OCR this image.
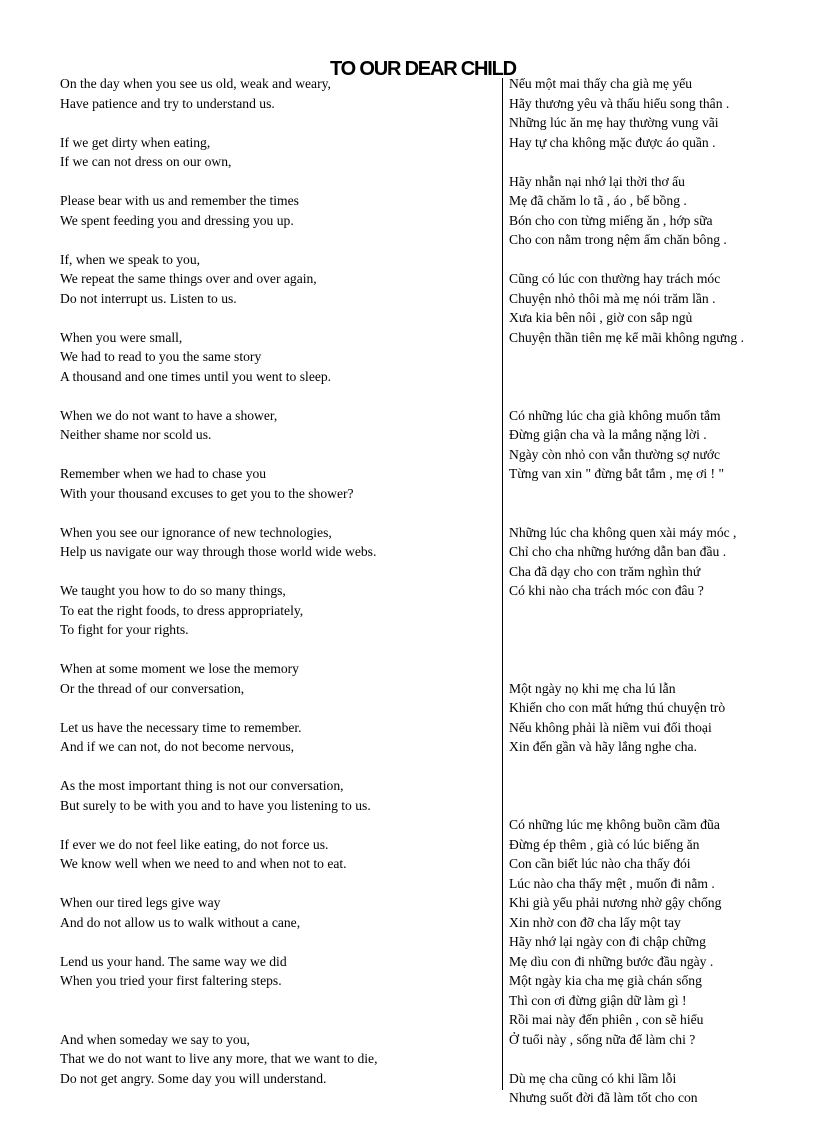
TO OUR DEAR CHILD
On the day when you see us old, weak and weary,
Have patience and try to understand us.
If we get dirty when eating,
If we can not dress on our own,
Please bear with us and remember the times
We spent feeding you and dressing you up.
If, when we speak to you,
We repeat the same things over and over again,
Do not interrupt us. Listen to us.
When you were small,
We had to read to you the same story
A thousand and one times until you went to sleep.
When we do not want to have a shower,
Neither shame nor scold us.
Remember when we had to chase you
With your thousand excuses to get you to the shower?
When you see our ignorance of new technologies,
Help us navigate our way through those world wide webs.
We taught you how to do so many things,
To eat the right foods, to dress appropriately,
To fight for your rights.
When at some moment we lose the memory
Or the thread of our conversation,
Let us have the necessary time to remember.
And if we can not, do not become nervous,
As the most important thing is not our conversation,
But surely to be with you and to have you listening to us.
If ever we do not feel like eating, do not force us.
We know well when we need to and when not to eat.
When our tired legs give way
And do not allow us to walk without a cane,
Lend us your hand. The same way we did
When you tried your first faltering steps.
And when someday we say to you,
That we do not want to live any more, that we want to die,
Do not get angry. Some day you will understand.
Nếu một mai thấy cha già mẹ yếu
Hãy thương yêu và thấu hiểu song thân .
Những lúc ăn mẹ hay thường vung vãi
Hay tự cha không mặc được áo quần .
Hãy nhẫn nại nhớ lại thời thơ ấu
Mẹ đã chăm lo tã , áo , bế bồng .
Bón cho con từng miếng ăn , hớp sữa
Cho con nằm trong nệm ấm chăn bông .
Cũng có lúc con thường hay trách móc
Chuyện nhỏ thôi mà mẹ nói trăm lần .
Xưa kia bên nôi , giờ con sắp ngủ
Chuyện thần tiên mẹ kể mãi không ngưng .
Có những lúc cha già không muốn tắm
Đừng giận cha và la mắng nặng lời .
Ngày còn nhỏ con vẫn thường sợ nước
Từng van xin " đừng bắt tắm , mẹ ơi ! "
Những lúc cha không quen xài máy móc ,
Chỉ cho cha những hướng dẫn ban đầu .
Cha đã dạy cho con trăm nghìn thứ
Có khi nào cha trách móc con đâu ?
Một ngày nọ khi mẹ cha lú lẫn
Khiến cho con mất hứng thú chuyện trò
Nếu không phải là niềm vui đối thoại
Xin đến gần và hãy lắng nghe cha.
Có những lúc mẹ không buồn cầm đũa
Đừng ép thêm , già có lúc biếng ăn
Con cần biết lúc nào cha thấy đói
Lúc nào cha thấy mệt , muốn đi nằm .
Khi già yếu phải nương nhờ gậy chống
Xin nhờ con đỡ cha lấy một tay
Hãy nhớ lại ngày con đi chập chững
Mẹ dìu con đi những bước đầu ngày .
Một ngày kia cha mẹ già chán sống
Thì con ơi đừng giận dữ làm gì !
Rồi mai này đến phiên , con sẽ hiểu
Ở tuổi này , sống nữa để làm chi ?
Dù mẹ cha cũng có khi lầm lỗi
Nhưng suốt đời đã làm tốt cho con
